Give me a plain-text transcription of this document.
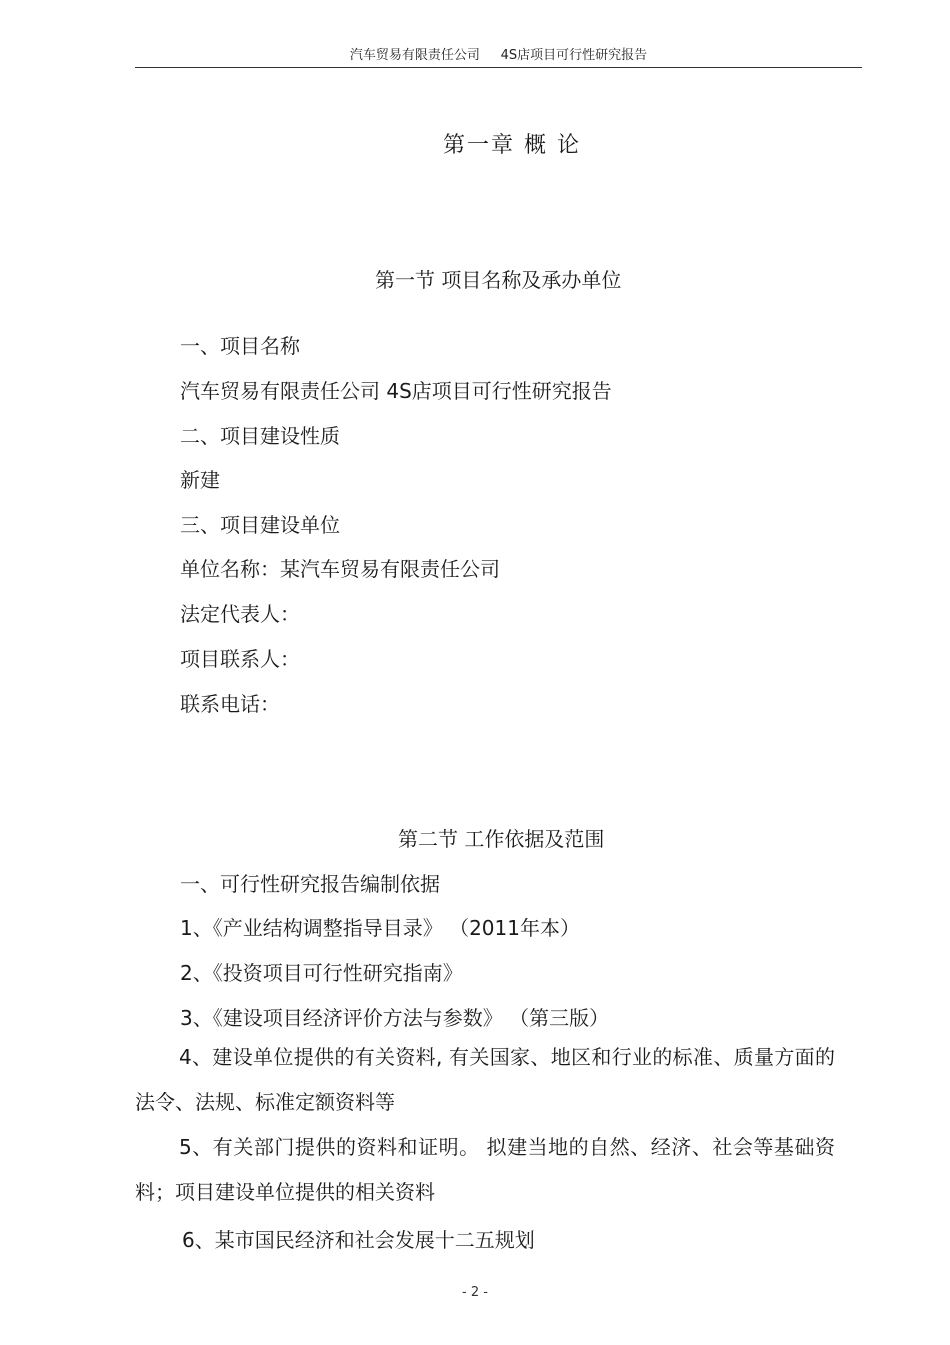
汽车贸易有限责任公司     4S店项目可行性研究报告
第一章 概 论
第一节 项目名称及承办单位
一、项目名称
汽车贸易有限责任公司 4S店项目可行性研究报告
二、项目建设性质
新建
三、项目建设单位
单位名称：某汽车贸易有限责任公司
法定代表人：
项目联系人：
联系电话：
第二节 工作依据及范围
一、可行性研究报告编制依据
1、《产业结构调整指导目录》 （2011年本）
2、《投资项目可行性研究指南》
3、《建设项目经济评价方法与参数》 （第三版）
4、建设单位提供的有关资料, 有关国家、地区和行业的标准、质量方面的法令、法规、标准定额资料等
5、有关部门提供的资料和证明。 拟建当地的自然、经济、社会等基础资料；项目建设单位提供的相关资料
6、某市国民经济和社会发展十二五规划
- 2 -
